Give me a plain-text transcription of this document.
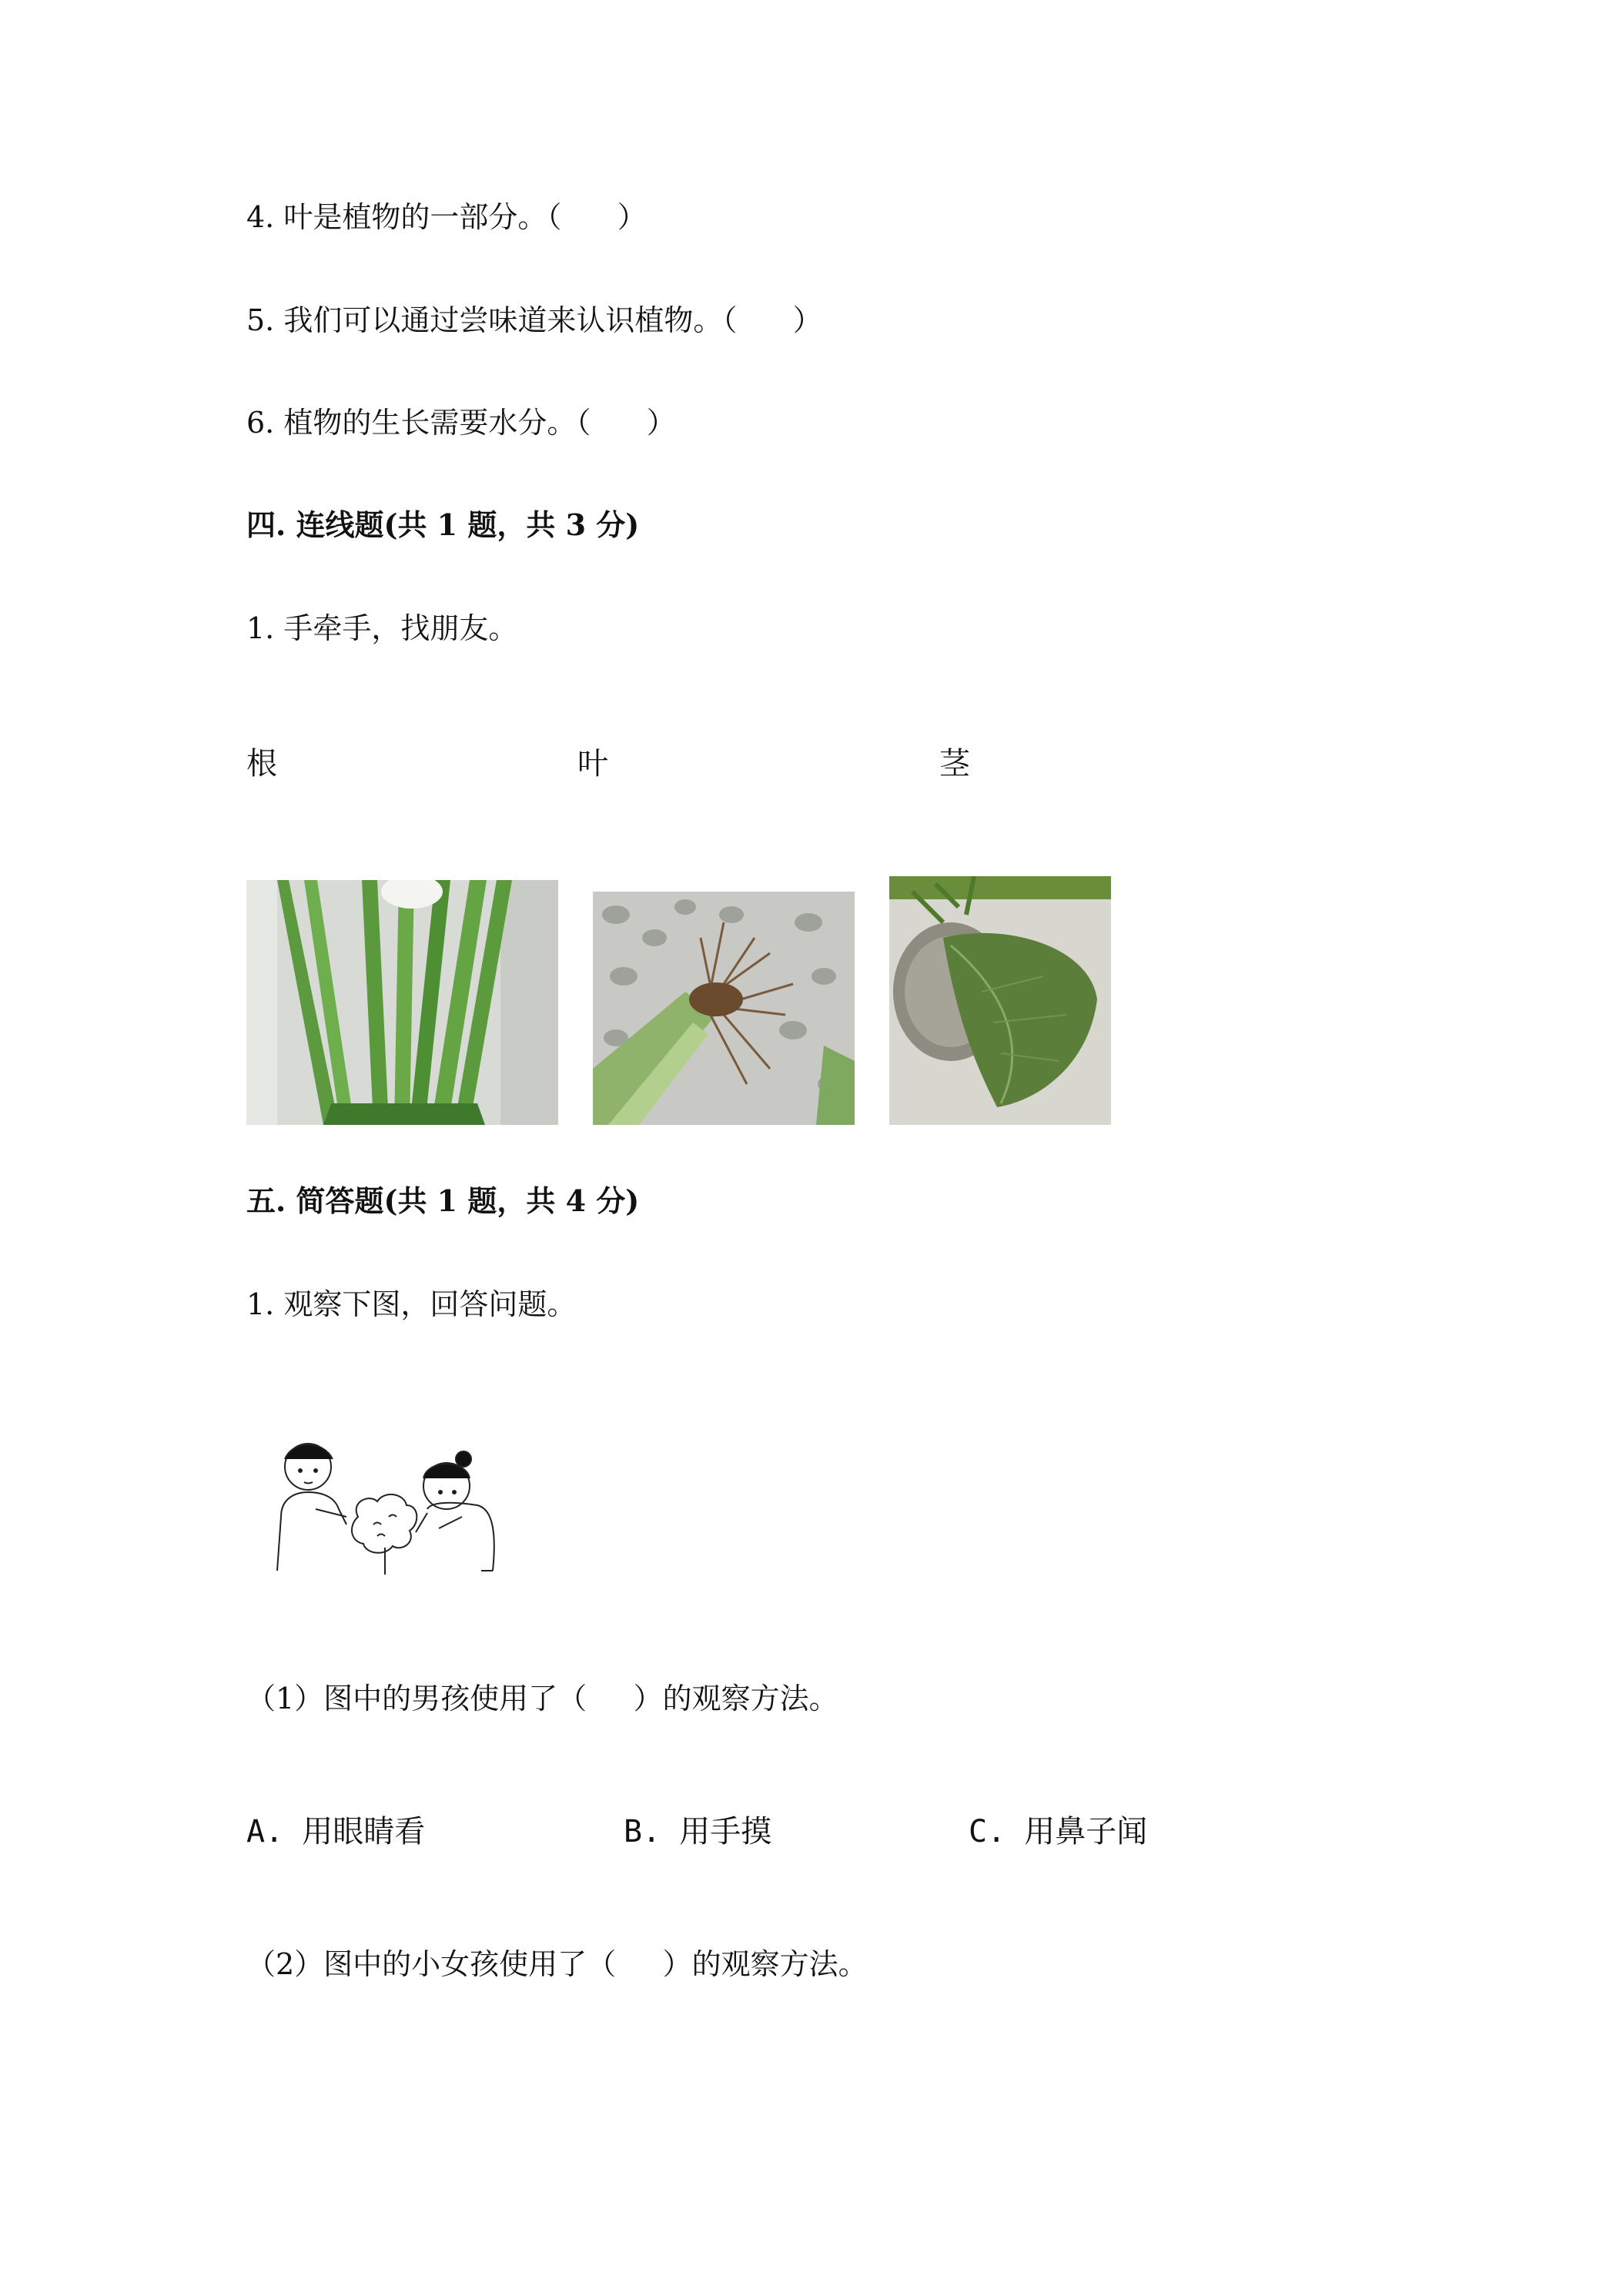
4. 叶是植物的一部分。（      ）
5. 我们可以通过尝味道来认识植物。（      ）
6. 植物的生长需要水分。（      ）
四. 连线题(共 1 题，共 3 分)
1. 手牵手，找朋友。
根	叶	茎
五. 简答题(共 1 题，共 4 分)
1. 观察下图，回答问题。
（1）图中的男孩使用了（     ）的观察方法。
A. 用眼睛看	B. 用手摸	C. 用鼻子闻
（2）图中的小女孩使用了（     ）的观察方法。
